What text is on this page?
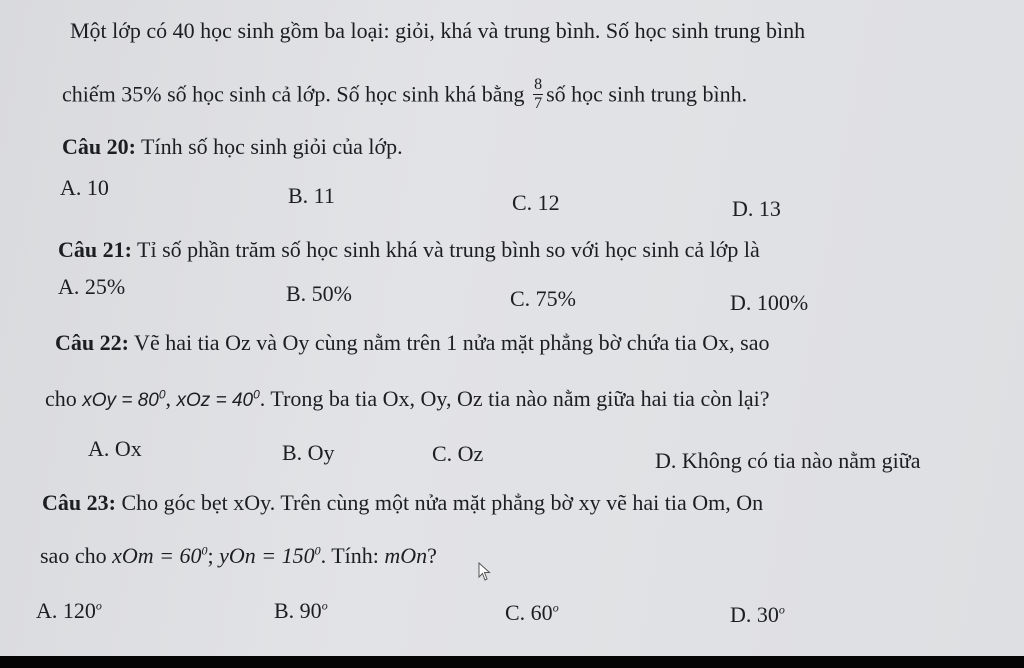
Một lớp có 40 học sinh gồm ba loại: giỏi, khá và trung bình. Số học sinh trung bình
chiếm 35% số học sinh cả lớp. Số học sinh khá bằng $\frac{8}{7}$ số học sinh trung bình.
Câu 20: Tính số học sinh giỏi của lớp.
A. 10	B. 11	C. 12	D. 13
Câu 21: Tỉ số phần trăm số học sinh khá và trung bình so với học sinh cả lớp là
A. 25%	B. 50%	C. 75%	D. 100%
Câu 22: Vẽ hai tia Oz và Oy cùng nằm trên 1 nửa mặt phẳng bờ chứa tia Ox, sao
cho xOy = $80^0$, xOz = $40^0$. Trong ba tia Ox, Oy, Oz tia nào nằm giữa hai tia còn lại?
A. Ox	B. Oy	C. Oz	D. Không có tia nào nằm giữa
Câu 23: Cho góc bẹt xOy. Trên cùng một nửa mặt phẳng bờ xy vẽ hai tia Om, On
sao cho xOm = $60^0$; yOn = $150^0$. Tính: mOn?
A. 120$^o$	B. 90$^o$	C. 60$^o$	D. 30$^o$
